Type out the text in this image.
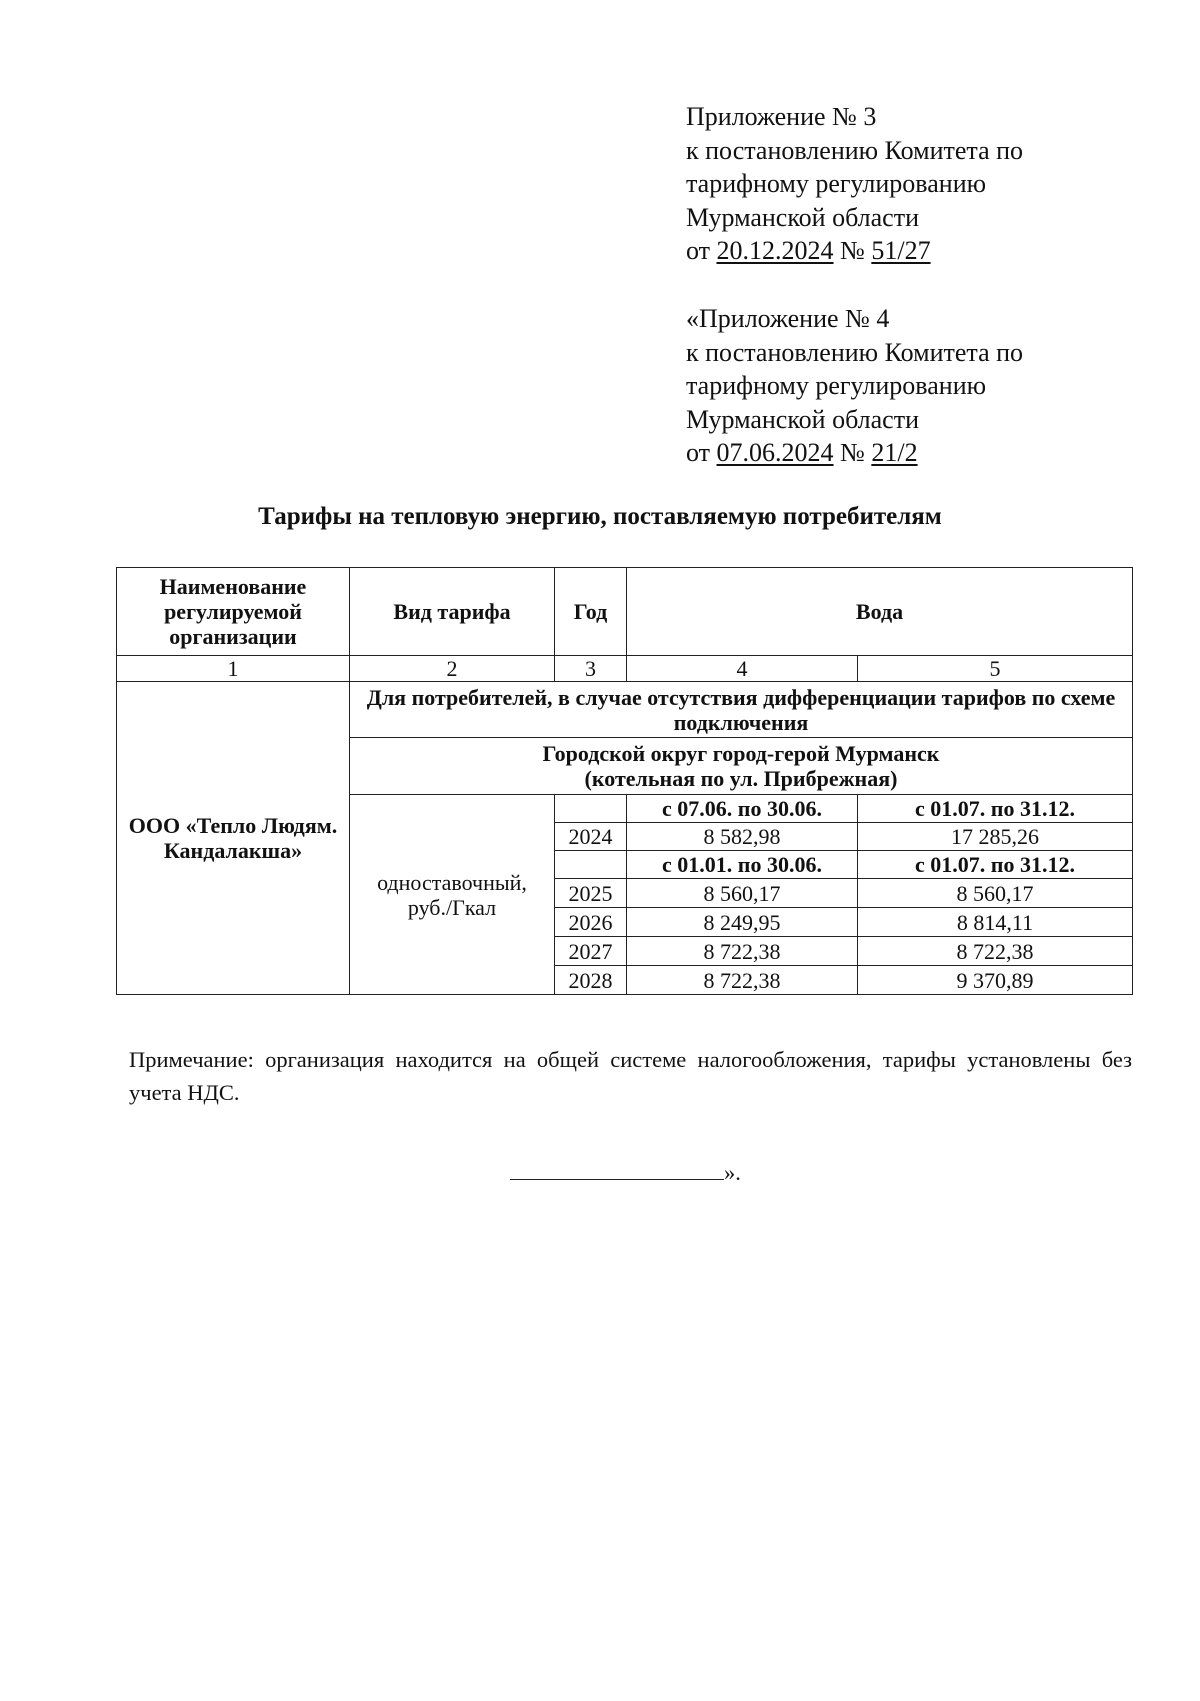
Приложение № 3
к постановлению Комитета по
тарифному регулированию
Мурманской области
от 20.12.2024 № 51/27
«Приложение № 4
к постановлению Комитета по
тарифному регулированию
Мурманской области
от 07.06.2024 № 21/2
Тарифы на тепловую энергию, поставляемую потребителям
Наименование регулируемой организации	Вид тарифа	Год	Вода	
1	2	3	4	5
ООО «Тепло Людям. Кандалакша»	Для потребителей, в случае отсутствия дифференциации тарифов по схеме подключения			
	Городской округ город-герой Мурманск
(котельная по ул. Прибрежная)			
	одноставочный, руб./Гкал		с 07.06. по 30.06.	с 01.07. по 31.12.
		2024	8 582,98	17 285,26
			с 01.01. по 30.06.	с 01.07. по 31.12.
		2025	8 560,17	8 560,17
		2026	8 249,95	8 814,11
		2027	8 722,38	8 722,38
		2028	8 722,38	9 370,89
Примечание: организация находится на общей системе налогообложения, тарифы установлены без учета НДС.
».
